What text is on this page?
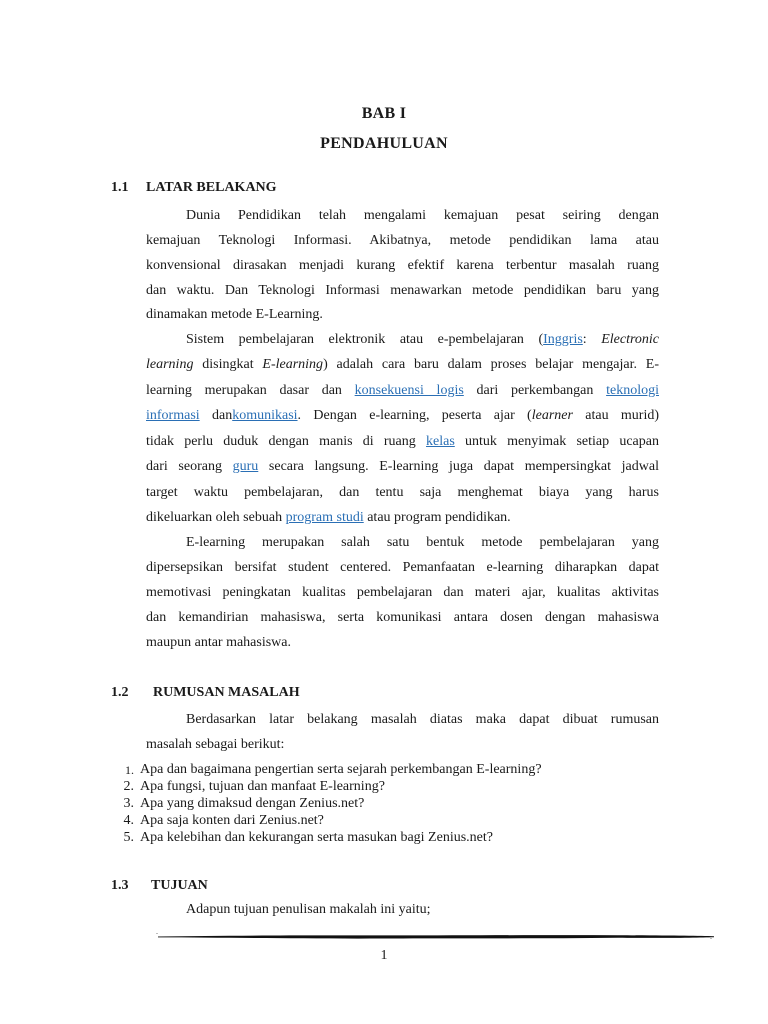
BAB I
PENDAHULUAN
1.1 LATAR BELAKANG
Dunia Pendidikan telah mengalami kemajuan pesat seiring dengan
kemajuan Teknologi Informasi. Akibatnya, metode pendidikan lama atau
konvensional dirasakan menjadi kurang efektif karena terbentur masalah ruang
dan waktu. Dan Teknologi Informasi menawarkan metode pendidikan baru yang
dinamakan metode E-Learning.
Sistem pembelajaran elektronik atau e-pembelajaran (Inggris: Electronic
learning disingkat E-learning) adalah cara baru dalam proses belajar mengajar. E-
learning merupakan dasar dan konsekuensi logis dari perkembangan teknologi
informasi dankomunikasi. Dengan e-learning, peserta ajar (learner atau murid)
tidak perlu duduk dengan manis di ruang kelas untuk menyimak setiap ucapan
dari seorang guru secara langsung. E-learning juga dapat mempersingkat jadwal
target waktu pembelajaran, dan tentu saja menghemat biaya yang harus
dikeluarkan oleh sebuah program studi atau program pendidikan.
E-learning merupakan salah satu bentuk metode pembelajaran yang
dipersepsikan bersifat student centered. Pemanfaatan e-learning diharapkan dapat
memotivasi peningkatan kualitas pembelajaran dan materi ajar, kualitas aktivitas
dan kemandirian mahasiswa, serta komunikasi antara dosen dengan mahasiswa
maupun antar mahasiswa.
1.2 RUMUSAN MASALAH
Berdasarkan latar belakang masalah diatas maka dapat dibuat rumusan
masalah sebagai berikut:
1. Apa dan bagaimana pengertian serta sejarah perkembangan E-learning?
2. Apa fungsi, tujuan dan manfaat E-learning?
3. Apa yang dimaksud dengan Zenius.net?
4. Apa saja konten dari Zenius.net?
5. Apa kelebihan dan kekurangan serta masukan bagi Zenius.net?
1.3 TUJUAN
Adapun tujuan penulisan makalah ini yaitu;
.
.
1
